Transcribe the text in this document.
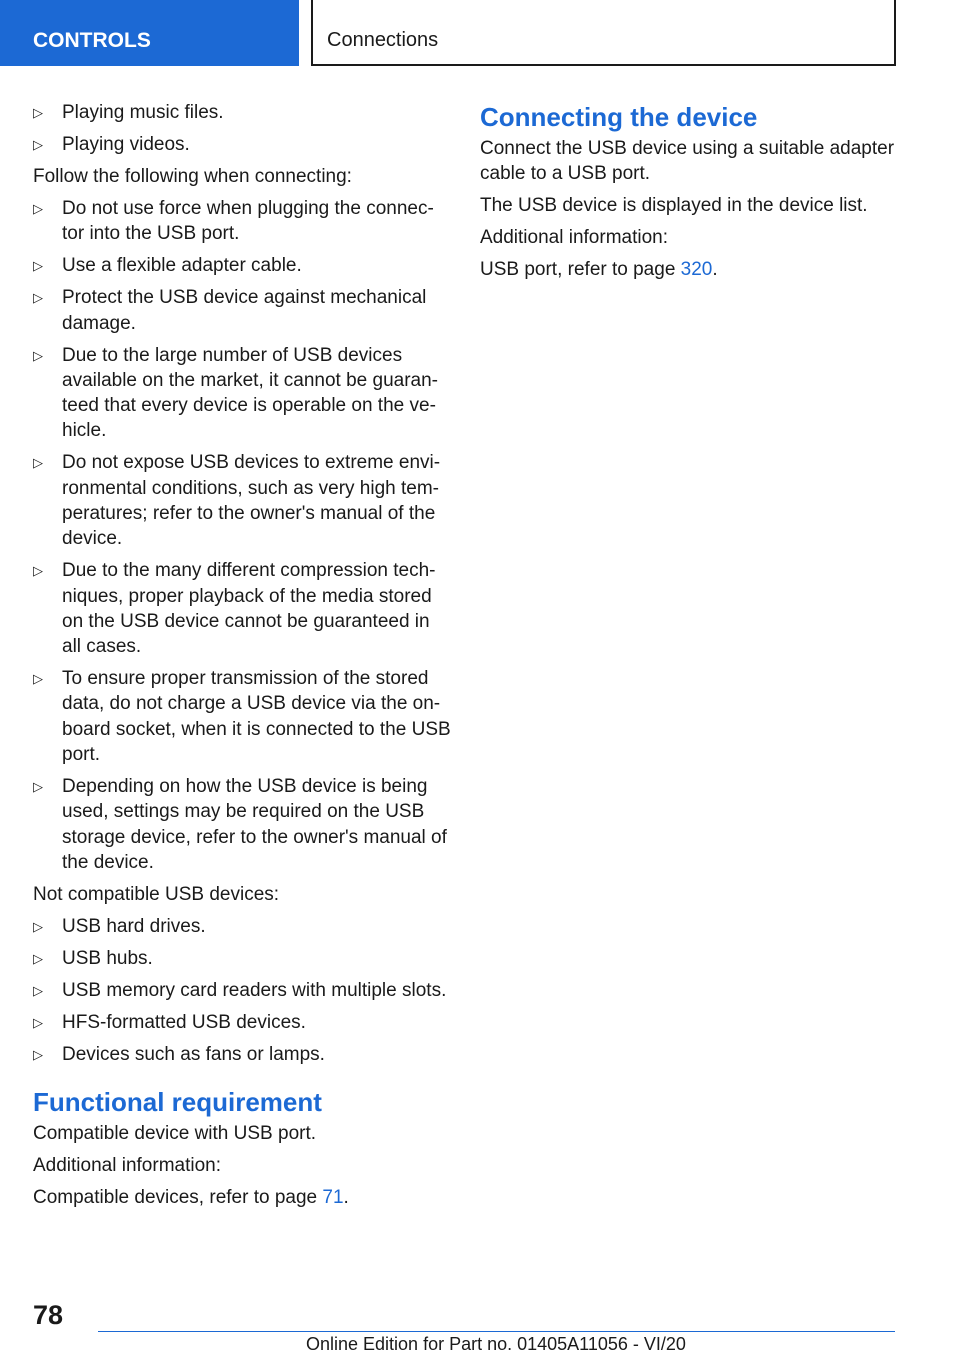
CONTROLS	Connections
▷ Playing music files.
▷ Playing videos.
Follow the following when connecting:
▷ Do not use force when plugging the connec-tor into the USB port.
▷ Use a flexible adapter cable.
▷ Protect the USB device against mechanical damage.
▷ Due to the large number of USB devices available on the market, it cannot be guaran-teed that every device is operable on the ve-hicle.
▷ Do not expose USB devices to extreme envi-ronmental conditions, such as very high tem-peratures; refer to the owner's manual of the device.
▷ Due to the many different compression tech-niques, proper playback of the media stored on the USB device cannot be guaranteed in all cases.
▷ To ensure proper transmission of the stored data, do not charge a USB device via the on-board socket, when it is connected to the USB port.
▷ Depending on how the USB device is being used, settings may be required on the USB storage device, refer to the owner's manual of the device.
Not compatible USB devices:
▷ USB hard drives.
▷ USB hubs.
▷ USB memory card readers with multiple slots.
▷ HFS-formatted USB devices.
▷ Devices such as fans or lamps.
Functional requirement
Compatible device with USB port.
Additional information:
Compatible devices, refer to page 71.
Connecting the device
Connect the USB device using a suitable adapter cable to a USB port.
The USB device is displayed in the device list.
Additional information:
USB port, refer to page 320.
78
Online Edition for Part no. 01405A11056 - VI/20
